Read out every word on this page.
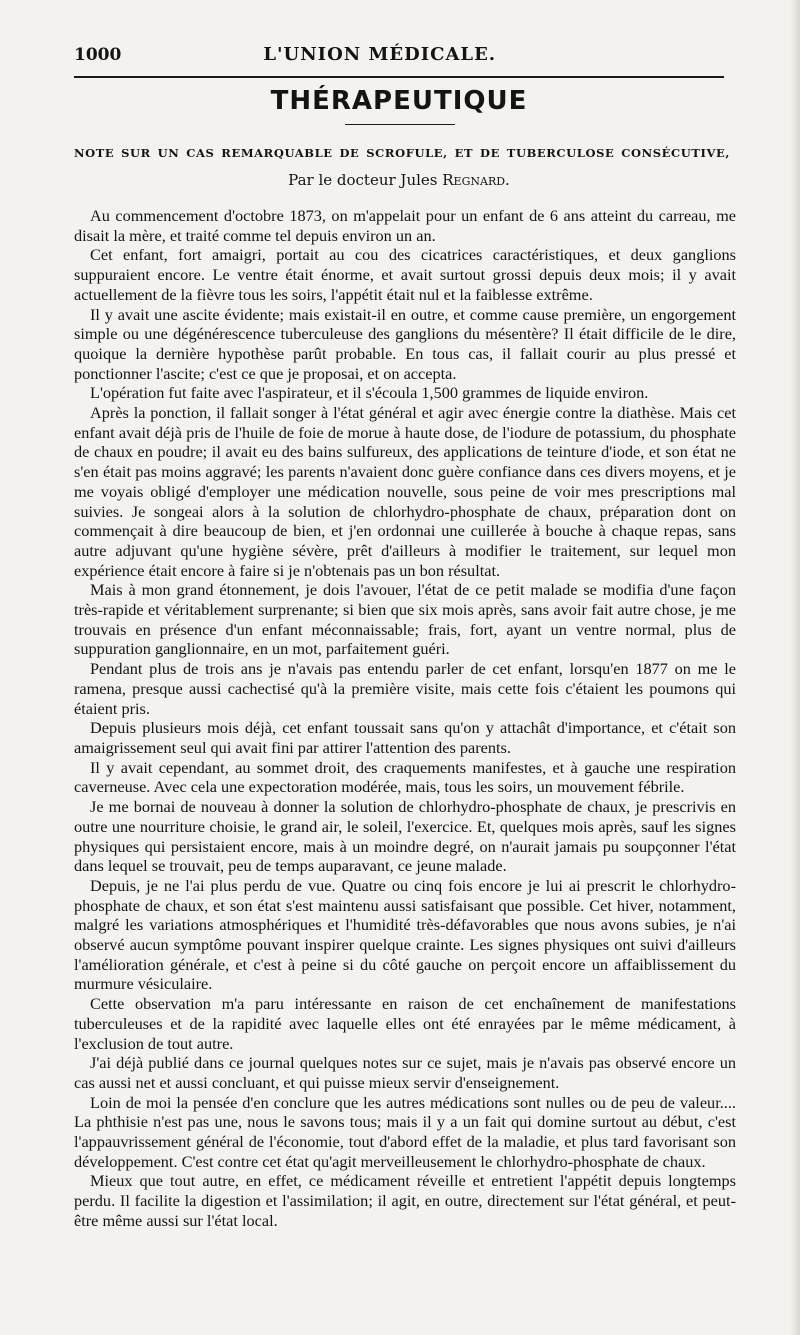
1000	L'UNION MÉDICALE.
THÉRAPEUTIQUE
NOTE SUR UN CAS REMARQUABLE DE SCROFULE, ET DE TUBERCULOSE CONSÉCUTIVE,
Par le docteur Jules Regnard.

Au commencement d'octobre 1873, on m'appelait pour un enfant de 6 ans atteint du carreau, me disait la mère, et traité comme tel depuis environ un an.

Cet enfant, fort amaigri, portait au cou des cicatrices caractéristiques, et deux ganglions suppuraient encore. Le ventre était énorme, et avait surtout grossi depuis deux mois; il y avait actuellement de la fièvre tous les soirs, l'appétit était nul et la faiblesse extrême.

Il y avait une ascite évidente; mais existait-il en outre, et comme cause première, un engorgement simple ou une dégénérescence tuberculeuse des ganglions du mésentère? Il était difficile de le dire, quoique la dernière hypothèse parût probable. En tous cas, il fallait courir au plus pressé et ponctionner l'ascite; c'est ce que je proposai, et on accepta.

L'opération fut faite avec l'aspirateur, et il s'écoula 1,500 grammes de liquide environ.

Après la ponction, il fallait songer à l'état général et agir avec énergie contre la diathèse. Mais cet enfant avait déjà pris de l'huile de foie de morue à haute dose, de l'iodure de potassium, du phosphate de chaux en poudre; il avait eu des bains sulfureux, des applications de teinture d'iode, et son état ne s'en était pas moins aggravé; les parents n'avaient donc guère confiance dans ces divers moyens, et je me voyais obligé d'employer une médication nouvelle, sous peine de voir mes prescriptions mal suivies. Je songeai alors à la solution de chlorhydro-phosphate de chaux, préparation dont on commençait à dire beaucoup de bien, et j'en ordonnai une cuillerée à bouche à chaque repas, sans autre adjuvant qu'une hygiène sévère, prêt d'ailleurs à modifier le traitement, sur lequel mon expérience était encore à faire si je n'obtenais pas un bon résultat.

Mais à mon grand étonnement, je dois l'avouer, l'état de ce petit malade se modifia d'une façon très-rapide et véritablement surprenante; si bien que six mois après, sans avoir fait autre chose, je me trouvais en présence d'un enfant méconnaissable; frais, fort, ayant un ventre normal, plus de suppuration ganglionnaire, en un mot, parfaitement guéri.

Pendant plus de trois ans je n'avais pas entendu parler de cet enfant, lorsqu'en 1877 on me le ramena, presque aussi cachectisé qu'à la première visite, mais cette fois c'étaient les poumons qui étaient pris.

Depuis plusieurs mois déjà, cet enfant toussait sans qu'on y attachât d'importance, et c'était son amaigrissement seul qui avait fini par attirer l'attention des parents.

Il y avait cependant, au sommet droit, des craquements manifestes, et à gauche une respiration caverneuse. Avec cela une expectoration modérée, mais, tous les soirs, un mouvement fébrile.

Je me bornai de nouveau à donner la solution de chlorhydro-phosphate de chaux, je prescrivis en outre une nourriture choisie, le grand air, le soleil, l'exercice. Et, quelques mois après, sauf les signes physiques qui persistaient encore, mais à un moindre degré, on n'aurait jamais pu soupçonner l'état dans lequel se trouvait, peu de temps auparavant, ce jeune malade.

Depuis, je ne l'ai plus perdu de vue. Quatre ou cinq fois encore je lui ai prescrit le chlorhydro-phosphate de chaux, et son état s'est maintenu aussi satisfaisant que possible. Cet hiver, notamment, malgré les variations atmosphériques et l'humidité très-défavorables que nous avons subies, je n'ai observé aucun symptôme pouvant inspirer quelque crainte. Les signes physiques ont suivi d'ailleurs l'amélioration générale, et c'est à peine si du côté gauche on perçoit encore un affaiblissement du murmure vésiculaire.

Cette observation m'a paru intéressante en raison de cet enchaînement de manifestations tuberculeuses et de la rapidité avec laquelle elles ont été enrayées par le même médicament, à l'exclusion de tout autre.

J'ai déjà publié dans ce journal quelques notes sur ce sujet, mais je n'avais pas observé encore un cas aussi net et aussi concluant, et qui puisse mieux servir d'enseignement.

Loin de moi la pensée d'en conclure que les autres médications sont nulles ou de peu de valeur.... La phthisie n'est pas une, nous le savons tous; mais il y a un fait qui domine surtout au début, c'est l'appauvrissement général de l'économie, tout d'abord effet de la maladie, et plus tard favorisant son développement. C'est contre cet état qu'agit merveilleusement le chlorhydro-phosphate de chaux.

Mieux que tout autre, en effet, ce médicament réveille et entretient l'appétit depuis longtemps perdu. Il facilite la digestion et l'assimilation; il agit, en outre, directement sur l'état général, et peut-être même aussi sur l'état local.
